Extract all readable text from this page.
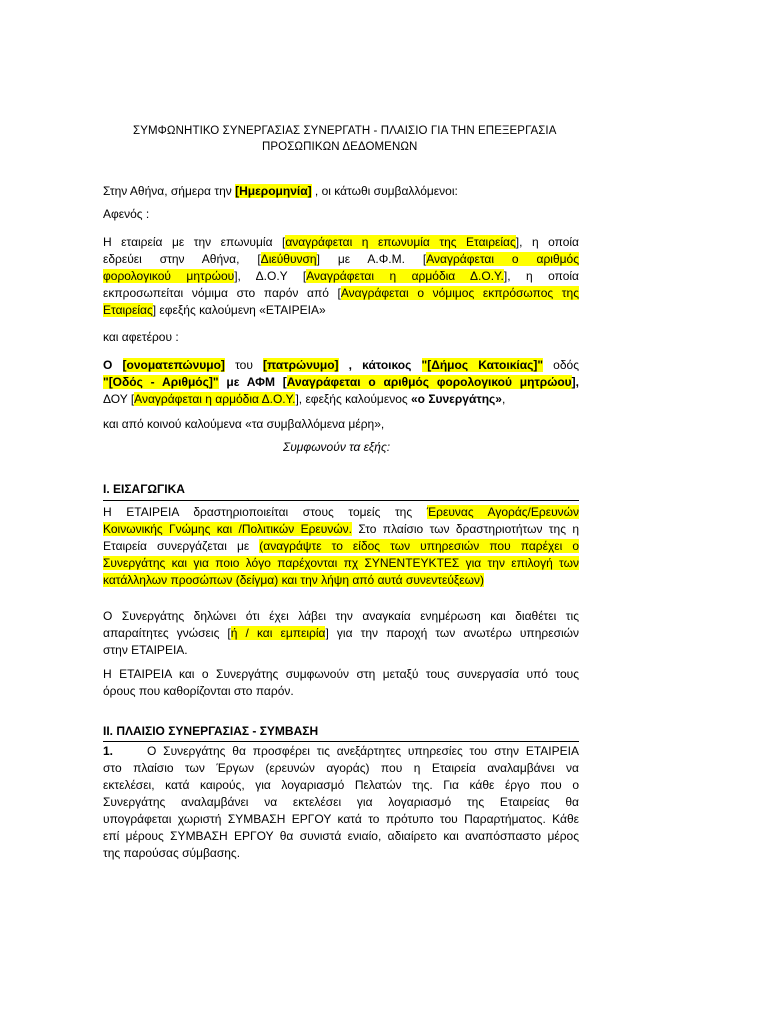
ΣΥΜΦΩΝΗΤΙΚΟ ΣΥΝΕΡΓΑΣΙΑΣ ΣΥΝΕΡΓΑΤΗ - ΠΛΑΙΣΙΟ ΓΙΑ ΤΗΝ ΕΠΕΞΕΡΓΑΣΙΑ
ΠΡΟΣΩΠΙΚΩΝ ΔΕΔΟΜΕΝΩΝ
Στην Αθήνα, σήμερα την [Ημερομηνία] , οι κάτωθι συμβαλλόμενοι:
Αφενός :
Η εταιρεία με την επωνυμία [αναγράφεται η επωνυμία της Εταιρείας], η οποία
εδρεύει στην Αθήνα, [Διεύθυνση] με Α.Φ.Μ. [Αναγράφεται ο αριθμός
φορολογικού μητρώου], Δ.Ο.Υ [Αναγράφεται η αρμόδια Δ.Ο.Υ.], η οποία
εκπροσωπείται νόμιμα στο παρόν από [Αναγράφεται ο νόμιμος εκπρόσωπος της
Εταιρείας] εφεξής καλούμενη «ΕΤΑΙΡΕΙΑ»
και αφετέρου :
Ο [ονοματεπώνυμο] του [πατρώνυμο] , κάτοικος "[Δήμος Κατοικίας]" οδός
"[Οδός - Αριθμός]" με ΑΦΜ [Αναγράφεται ο αριθμός φορολογικού μητρώου],
ΔΟΥ [Αναγράφεται η αρμόδια Δ.Ο.Υ.], εφεξής καλούμενος «ο Συνεργάτης»,
και από κοινού καλούμενα «τα συμβαλλόμενα μέρη»,
Συμφωνούν τα εξής:
Ι. ΕΙΣΑΓΩΓΙΚΑ
Η ΕΤΑΙΡΕΙΑ δραστηριοποιείται στους τομείς της Έρευνας Αγοράς/Ερευνών
Κοινωνικής Γνώμης και /Πολιτικών Ερευνών. Στο πλαίσιο των δραστηριοτήτων της η
Εταιρεία συνεργάζεται με (αναγράψτε το είδος των υπηρεσιών που παρέχει ο
Συνεργάτης και για ποιο λόγο παρέχονται πχ ΣΥΝΕΝΤΕΥΚΤΕΣ για την επιλογή των
κατάλληλων προσώπων (δείγμα) και την λήψη από αυτά συνεντεύξεων)
Ο Συνεργάτης δηλώνει ότι έχει λάβει την αναγκαία ενημέρωση και διαθέτει τις
απαραίτητες γνώσεις [ή / και εμπειρία] για την παροχή των ανωτέρω υπηρεσιών
στην ΕΤΑΙΡΕΙΑ.
Η ΕΤΑΙΡΕΙΑ και ο Συνεργάτης συμφωνούν στη μεταξύ τους συνεργασία υπό τους
όρους που καθορίζονται στο παρόν.
ΙΙ. ΠΛΑΙΣΙΟ ΣΥΝΕΡΓΑΣΙΑΣ - ΣΥΜΒΑΣΗ
1.	Ο Συνεργάτης θα προσφέρει τις ανεξάρτητες υπηρεσίες του στην ΕΤΑΙΡΕΙΑ
στο πλαίσιο των Έργων (ερευνών αγοράς) που η Εταιρεία αναλαμβάνει να
εκτελέσει, κατά καιρούς, για λογαριασμό Πελατών της. Για κάθε έργο που ο
Συνεργάτης αναλαμβάνει να εκτελέσει για λογαριασμό της Εταιρείας θα
υπογράφεται χωριστή ΣΥΜΒΑΣΗ ΕΡΓΟΥ κατά το πρότυπο του Παραρτήματος. Κάθε
επί μέρους ΣΥΜΒΑΣΗ ΕΡΓΟΥ θα συνιστά ενιαίο, αδιαίρετο και αναπόσπαστο μέρος
της παρούσας σύμβασης.
